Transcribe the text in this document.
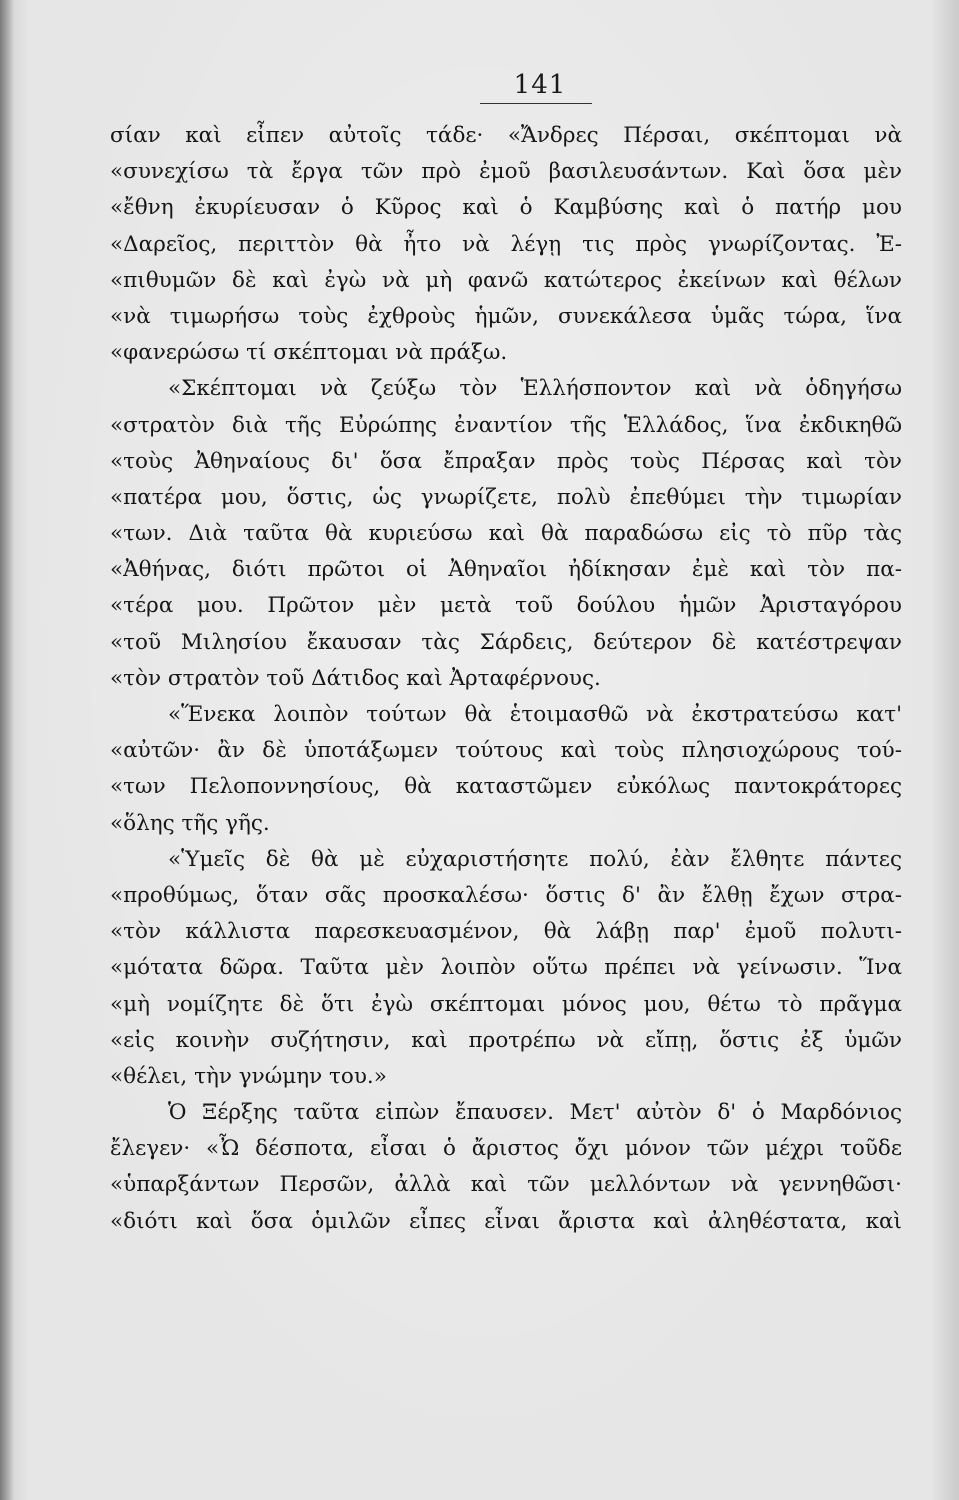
141
σίαν καὶ εἶπεν αὐτοῖς τάδε· «Ἄνδρες Πέρσαι, σκέπτομαι νὰ
«συνεχίσω τὰ ἔργα τῶν πρὸ ἐμοῦ βασιλευσάντων. Καὶ ὅσα μὲν
«ἔθνη ἐκυρίευσαν ὁ Κῦρος καὶ ὁ Καμβύσης καὶ ὁ πατήρ μου
«Δαρεῖος, περιττὸν θὰ ἦτο νὰ λέγῃ τις πρὸς γνωρίζοντας. Ἐ-
«πιθυμῶν δὲ καὶ ἐγὼ νὰ μὴ φανῶ κατώτερος ἐκείνων καὶ θέλων
«νὰ τιμωρήσω τοὺς ἐχθροὺς ἡμῶν, συνεκάλεσα ὑμᾶς τώρα, ἵνα
«φανερώσω τί σκέπτομαι νὰ πράξω.
«Σκέπτομαι νὰ ζεύξω τὸν Ἑλλήσποντον καὶ νὰ ὁδηγήσω
«στρατὸν διὰ τῆς Εὐρώπης ἐναντίον τῆς Ἑλλάδος, ἵνα ἐκδικηθῶ
«τοὺς Ἀθηναίους δι' ὅσα ἔπραξαν πρὸς τοὺς Πέρσας καὶ τὸν
«πατέρα μου, ὅστις, ὡς γνωρίζετε, πολὺ ἐπεθύμει τὴν τιμωρίαν
«των. Διὰ ταῦτα θὰ κυριεύσω καὶ θὰ παραδώσω εἰς τὸ πῦρ τὰς
«Ἀθήνας, διότι πρῶτοι οἱ Ἀθηναῖοι ἠδίκησαν ἐμὲ καὶ τὸν πα-
«τέρα μου. Πρῶτον μὲν μετὰ τοῦ δούλου ἡμῶν Ἀρισταγόρου
«τοῦ Μιλησίου ἔκαυσαν τὰς Σάρδεις, δεύτερον δὲ κατέστρεψαν
«τὸν στρατὸν τοῦ Δάτιδος καὶ Ἀρταφέρνους.
«Ἕνεκα λοιπὸν τούτων θὰ ἑτοιμασθῶ νὰ ἐκστρατεύσω κατ'
«αὐτῶν· ἂν δὲ ὑποτάξωμεν τούτους καὶ τοὺς πλησιοχώρους τού-
«των Πελοποννησίους, θὰ καταστῶμεν εὐκόλως παντοκράτορες
«ὅλης τῆς γῆς.
«Ὑμεῖς δὲ θὰ μὲ εὐχαριστήσητε πολύ, ἐὰν ἔλθητε πάντες
«προθύμως, ὅταν σᾶς προσκαλέσω· ὅστις δ' ἂν ἔλθῃ ἔχων στρα-
«τὸν κάλλιστα παρεσκευασμένον, θὰ λάβῃ παρ' ἐμοῦ πολυτι-
«μότατα δῶρα. Ταῦτα μὲν λοιπὸν οὕτω πρέπει νὰ γείνωσιν. Ἵνα
«μὴ νομίζητε δὲ ὅτι ἐγὼ σκέπτομαι μόνος μου, θέτω τὸ πρᾶγμα
«εἰς κοινὴν συζήτησιν, καὶ προτρέπω νὰ εἴπῃ, ὅστις ἐξ ὑμῶν
«θέλει, τὴν γνώμην του.»
Ὁ Ξέρξης ταῦτα εἰπὼν ἔπαυσεν. Μετ' αὐτὸν δ' ὁ Μαρδόνιος
ἔλεγεν· «Ὦ δέσποτα, εἶσαι ὁ ἄριστος ὄχι μόνον τῶν μέχρι τοῦδε
«ὑπαρξάντων Περσῶν, ἀλλὰ καὶ τῶν μελλόντων νὰ γεννηθῶσι·
«διότι καὶ ὅσα ὁμιλῶν εἶπες εἶναι ἄριστα καὶ ἀληθέστατα, καὶ
